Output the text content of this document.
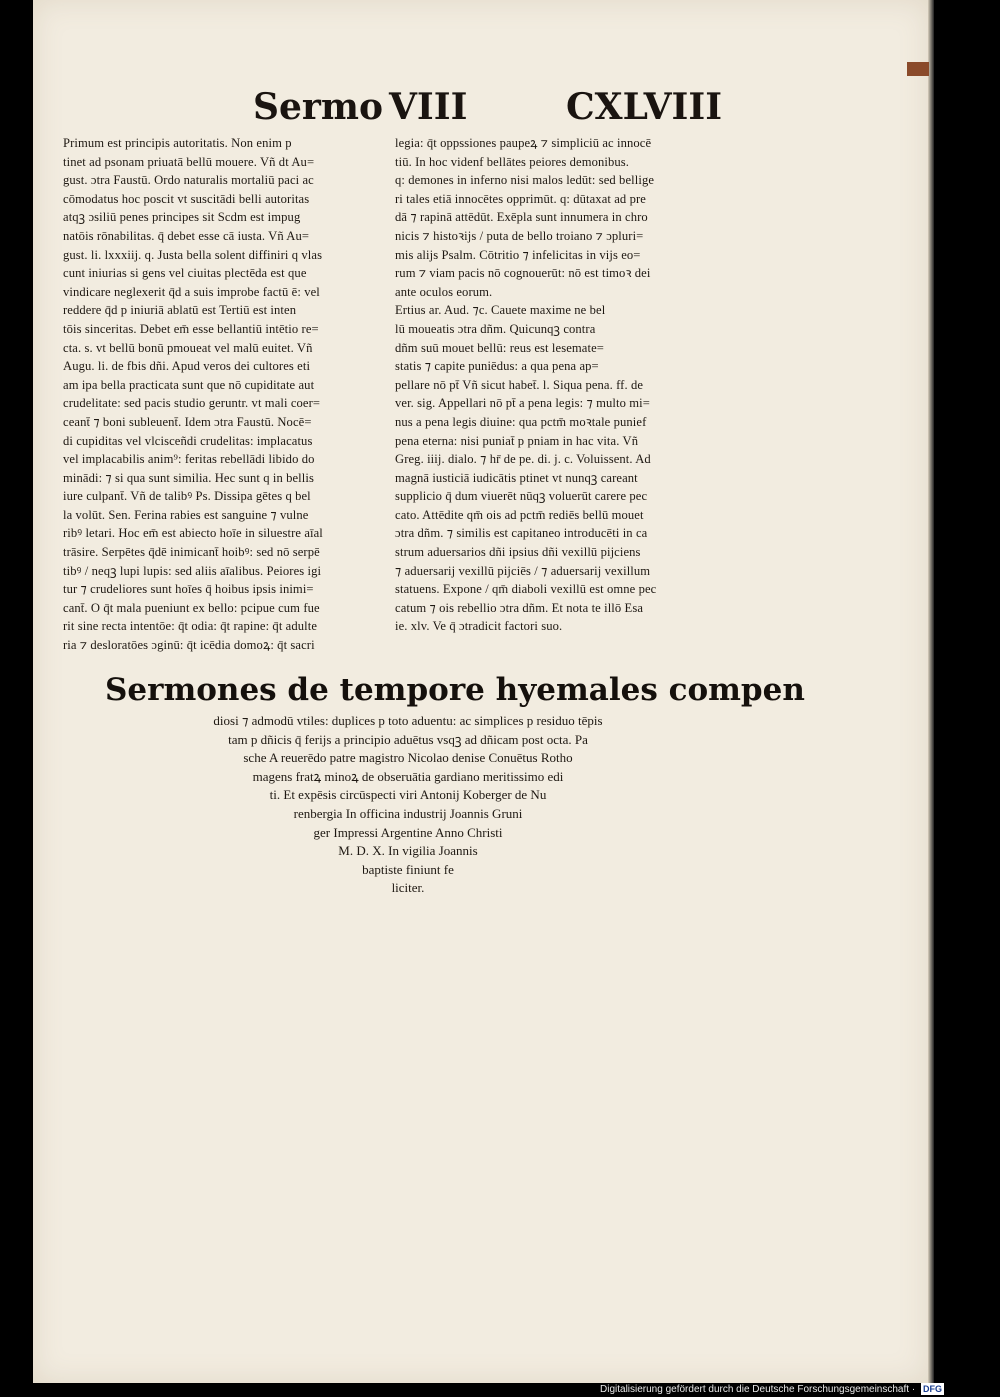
Sermo VIII	CXLVIII
Primum est principis autoritatis. Non enim p
tinet ad psonam priuatā bellū mouere. Vñ dt Au=
gust. ɔtra Faustū. Ordo naturalis mortaliū paci ac
cōmodatus hoc poscit vt suscitādi belli autoritas
atqꝫ ɔsiliū penes principes sit Scdm est impug
natōis rōnabilitas. q̄ debet esse cā iusta. Vñ Au=
gust. li. lxxxiij. q. Justa bella solent diffiniri q vlas
cunt iniurias si gens vel ciuitas plectēda est que
vindicare neglexerit q̄d a suis improbe factū ē: vel
reddere q̄d p iniuriā ablatū est Tertiū est inten
tōis sinceritas. Debet em̄ esse bellantiū intētio re=
cta. s. vt bellū bonū pmoueat vel malū euitet. Vñ
Augu. li. de fbis dñi. Apud veros dei cultores eti
am ipa bella practicata sunt que nō cupiditate aut
crudelitate: sed pacis studio geruntr. vt mali coer=
ceant̄ ⁊ boni subleuent̄. Idem ɔtra Faustū. Nocē=
di cupiditas vel vlcisceñdi crudelitas: implacatus
vel implacabilis anim⁹: feritas rebellādi libido do
minādi: ⁊ si qua sunt similia. Hec sunt q in bellis
iure culpant̄. Vñ de talibꝰ Ps. Dissipa gētes q bel
la volūt. Sen. Ferina rabies est sanguine ⁊ vulne
ribꝰ letari. Hoc em̄ est abiecto hoīe in siluestre aīal
trāsire. Serpētes q̄dē inimicant̄ hoibꝰ: sed nō serpē
tibꝰ / neqꝫ lupi lupis: sed aliis aīalibus. Peiores igi
tur ⁊ crudeliores sunt hoīes q̄ hoibus ipsis inimi=
cant̄. O q̄t mala pueniunt ex bello: pcipue cum fue
rit sine recta intentōe: q̄t odia: q̄t rapine: q̄t adulte
ria ⁊ desloratōes ɔginū: q̄t icēdia domoꝝ: q̄t sacri
legia: q̄t oppssiones paupeꝝ ⁊ simpliciū ac innocē
tiū. In hoc videnf bellātes peiores demonibus.
q: demones in inferno nisi malos ledūt: sed bellige
ri tales etiā innocētes opprimūt. q: dūtaxat ad pre
dā ⁊ rapinā attēdūt. Exēpla sunt innumera in chro
nicis ⁊ histoꝛijs / puta de bello troiano ⁊ ɔpluri=
mis alijs Psalm. Cōtritio ⁊ infelicitas in vijs eo=
rum ⁊ viam pacis nō cognouerūt: nō est timoꝛ dei
ante oculos eorum.
Ertius ar. Aud. ⁊c. Cauete maxime ne bel
lū moueatis ɔtra dñm. Quicunqꝫ contra
dñm suū mouet bellū: reus est lesemate=
statis ⁊ capite puniēdus: a qua pena ap=
pellare nō pt̄ Vñ sicut habet̄. l. Siqua pena. ff. de
ver. sig. Appellari nō pt̄ a pena legis: ⁊ multo mi=
nus a pena legis diuine: qua pctm̄ moꝛtale punief
pena eterna: nisi puniat̄ p pniam in hac vita. Vñ
Greg. iiij. dialo. ⁊ hr̄ de pe. di. j. c. Voluissent. Ad
magnā iusticiā iudicātis ptinet vt nunqꝫ careant
supplicio q̄ dum viuerēt nūqꝫ voluerūt carere pec
cato. Attēdite qm̄ ois ad pctm̄ rediēs bellū mouet
ɔtra dñm. ⁊ similis est capitaneo introducēti in ca
strum aduersarios dñi ipsius dñi vexillū pijciens
⁊ aduersarij vexillū pijciēs / ⁊ aduersarij vexillum
statuens. Expone / qm̄ diaboli vexillū est omne pec
catum ⁊ ois rebellio ɔtra dñm. Et nota te illō Esa
ie. xlv. Ve q̄ ɔtradicit factori suo.
Sermones de tempore hyemales compen
diosi ⁊ admodū vtiles: duplices p toto aduentu: ac simplices p residuo tēpis
tam p dñicis q̄ ferijs a principio aduētus vsqꝫ ad dñicam post octa. Pa
sche A reuerēdo patre magistro Nicolao denise Conuētus Rotho
magens fratꝝ minoꝝ de obseruātia gardiano meritissimo edi
ti. Et expēsis circūspecti viri Antonij Koberger de Nu
renbergia In officina industrij Joannis Gruni
ger Impressi Argentine Anno Christi
M. D. X. In vigilia Joannis
baptiste finiunt fe
liciter.
Digitalisierung gefördert durch die Deutsche Forschungsgemeinschaft · DFG
